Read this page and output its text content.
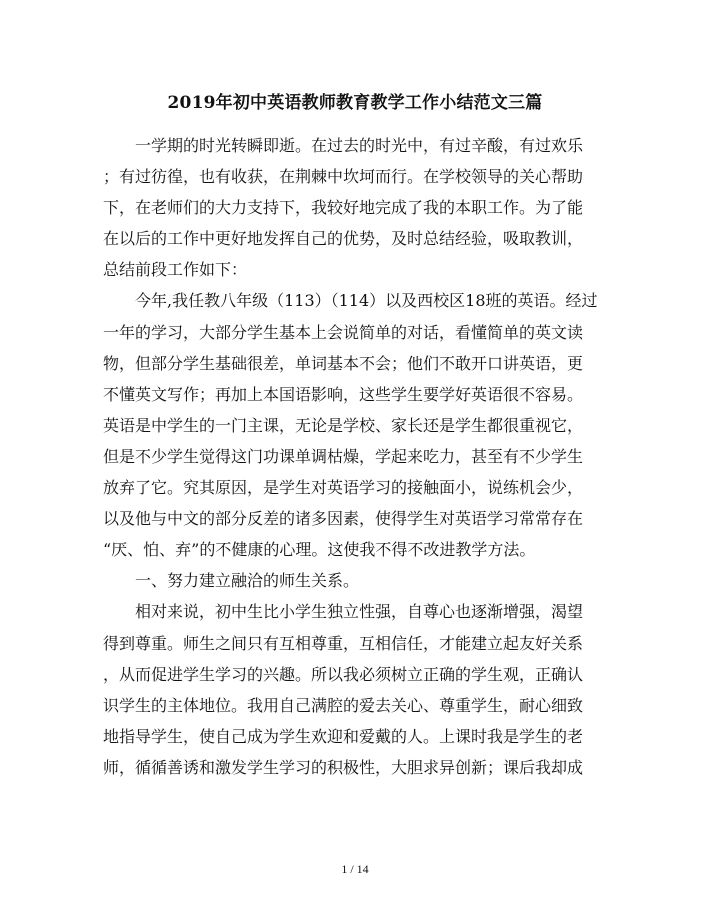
2019年初中英语教师教育教学工作小结范文三篇
一学期的时光转瞬即逝。在过去的时光中，有过辛酸，有过欢乐
；有过彷徨，也有收获，在荆棘中坎坷而行。在学校领导的关心帮助
下，在老师们的大力支持下，我较好地完成了我的本职工作。为了能
在以后的工作中更好地发挥自己的优势，及时总结经验，吸取教训，
总结前段工作如下：
今年,我任教八年级（113）（114）以及西校区18班的英语。经过
一年的学习，大部分学生基本上会说简单的对话，看懂简单的英文读
物，但部分学生基础很差，单词基本不会；他们不敢开口讲英语，更
不懂英文写作；再加上本国语影响，这些学生要学好英语很不容易。
英语是中学生的一门主课，无论是学校、家长还是学生都很重视它，
但是不少学生觉得这门功课单调枯燥，学起来吃力，甚至有不少学生
放弃了它。究其原因，是学生对英语学习的接触面小，说练机会少，
以及他与中文的部分反差的诸多因素，使得学生对英语学习常常存在
“厌、怕、弃”的不健康的心理。这使我不得不改进教学方法。
一、努力建立融洽的师生关系。
相对来说，初中生比小学生独立性强，自尊心也逐渐增强，渴望
得到尊重。师生之间只有互相尊重，互相信任，才能建立起友好关系
，从而促进学生学习的兴趣。所以我必须树立正确的学生观，正确认
识学生的主体地位。我用自己满腔的爱去关心、尊重学生，耐心细致
地指导学生，使自己成为学生欢迎和爱戴的人。上课时我是学生的老
师，循循善诱和激发学生学习的积极性，大胆求异创新；课后我却成
1 / 14
